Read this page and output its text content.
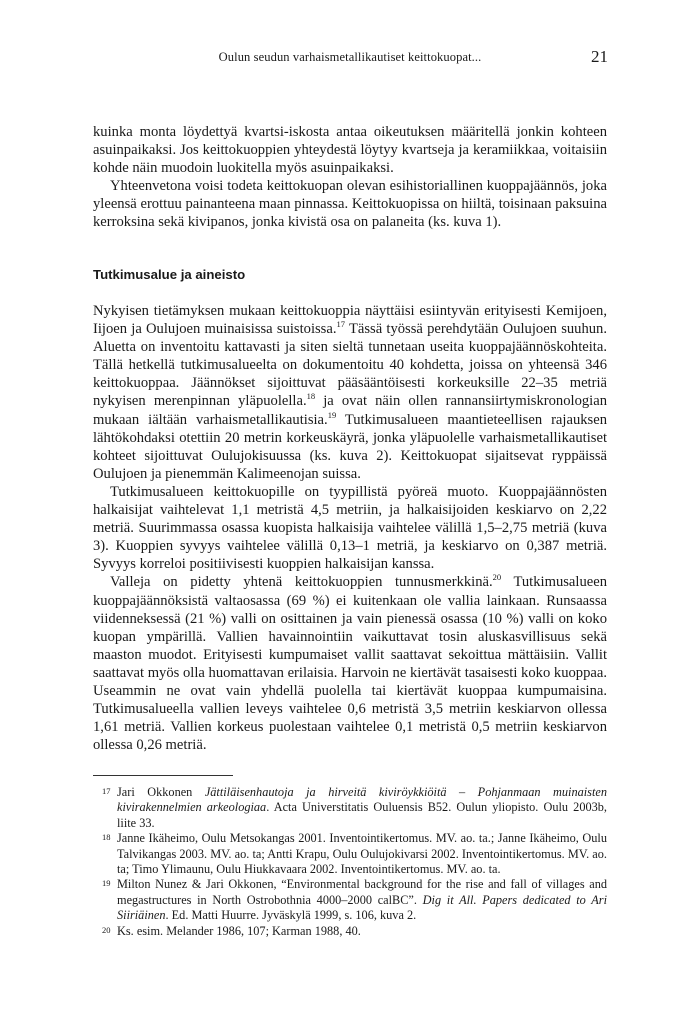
Oulun seudun varhaismetallikautiset keittokuopat...	21

kuinka monta löydettyä kvartsi-iskosta antaa oikeutuksen määritellä jonkin kohteen asuinpaikaksi. Jos keittokuoppien yhteydestä löytyy kvartseja ja keramiikkaa, voitaisiin kohde näin muodoin luokitella myös asuinpaikaksi.

Yhteenvetona voisi todeta keittokuopan olevan esihistoriallinen kuoppajäännös, joka yleensä erottuu painanteena maan pinnassa. Keittokuopissa on hiiltä, toisinaan paksuina kerroksina sekä kivipanos, jonka kivistä osa on palaneita (ks. kuva 1).

Tutkimusalue ja aineisto

Nykyisen tietämyksen mukaan keittokuoppia näyttäisi esiintyvän erityisesti Kemijoen, Iijoen ja Oulujoen muinaisissa suistoissa.$^{17}$ Tässä työssä perehdytään Oulujoen suuhun. Aluetta on inventoitu kattavasti ja siten sieltä tunnetaan useita kuoppajäännöskohteita. Tällä hetkellä tutkimusalueelta on dokumentoitu 40 kohdetta, joissa on yhteensä 346 keittokuoppaa. Jäännökset sijoittuvat pääsääntöisesti korkeuksille 22–35 metriä nykyisen merenpinnan yläpuolella.$^{18}$ ja ovat näin ollen rannansiirtymiskronologian mukaan iältään varhaismetallikautisia.$^{19}$ Tutkimusalueen maantieteellisen rajauksen lähtökohdaksi otettiin 20 metrin korkeuskäyrä, jonka yläpuolelle varhaismetallikautiset kohteet sijoittuvat Oulujokisuussa (ks. kuva 2). Keittokuopat sijaitsevat ryppäissä Oulujoen ja pienemmän Kalimeenojan suissa.

Tutkimusalueen keittokuopille on tyypillistä pyöreä muoto. Kuoppajäännösten halkaisijat vaihtelevat 1,1 metristä 4,5 metriin, ja halkaisijoiden keskiarvo on 2,22 metriä. Suurimmassa osassa kuopista halkaisija vaihtelee välillä 1,5–2,75 metriä (kuva 3). Kuoppien syvyys vaihtelee välillä 0,13–1 metriä, ja keskiarvo on 0,387 metriä. Syvyys korreloi positiivisesti kuoppien halkaisijan kanssa.

Valleja on pidetty yhtenä keittokuoppien tunnusmerkkinä.$^{20}$ Tutkimusalueen kuoppajäännöksistä valtaosassa (69 %) ei kuitenkaan ole vallia lainkaan. Runsaassa viidenneksessä (21 %) valli on osittainen ja vain pienessä osassa (10 %) valli on koko kuopan ympärillä. Vallien havainnointiin vaikuttavat tosin aluskasvillisuus sekä maaston muodot. Erityisesti kumpumaiset vallit saattavat sekoittua mättäisiin. Vallit saattavat myös olla huomattavan erilaisia. Harvoin ne kiertävät tasaisesti koko kuoppaa. Useammin ne ovat vain yhdellä puolella tai kiertävät kuoppaa kumpumaisina. Tutkimusalueella vallien leveys vaihtelee 0,6 metristä 3,5 metriin keskiarvon ollessa 1,61 metriä. Vallien korkeus puolestaan vaihtelee 0,1 metristä 0,5 metriin keskiarvon ollessa 0,26 metriä.

17 Jari Okkonen Jättiläisenhautoja ja hirveitä kiviröykkiöitä – Pohjanmaan muinaisten kivirakennelmien arkeologiaa. Acta Universtitatis Ouluensis B52. Oulun yliopisto. Oulu 2003b, liite 33.

18 Janne Ikäheimo, Oulu Metsokangas 2001. Inventointikertomus. MV. ao. ta.; Janne Ikäheimo, Oulu Talvikangas 2003. MV. ao. ta; Antti Krapu, Oulu Oulujokivarsi 2002. Inventointikertomus. MV. ao. ta; Timo Ylimaunu, Oulu Hiukkavaara 2002. Inventointikertomus. MV. ao. ta.

19 Milton Nunez & Jari Okkonen, “Environmental background for the rise and fall of villages and megastructures in North Ostrobothnia 4000–2000 calBC”. Dig it All. Papers dedicated to Ari Siiriäinen. Ed. Matti Huurre. Jyväskylä 1999, s. 106, kuva 2.

20 Ks. esim. Melander 1986, 107; Karman 1988, 40.
